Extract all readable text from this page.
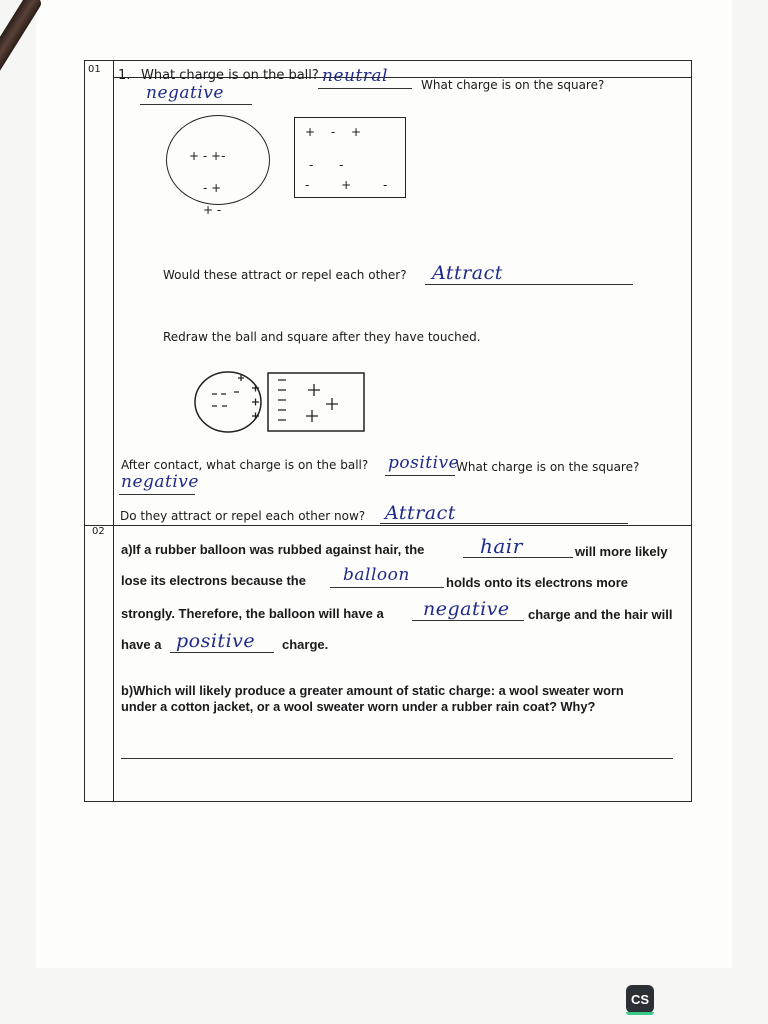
01 1. What charge is on the ball? neutral	What charge is on the square?
negative
+ - +-
- +
+ -
+ - +
- -
- + -
Would these attract or repel each other? Attract
Redraw the ball and square after they have touched.
After contact, what charge is on the ball? positive
What charge is on the square?
negative
Do they attract or repel each other now? Attract
02
a)If a rubber balloon was rubbed against hair, the	hair	will more likely
lose its electrons because the balloon	holds onto its electrons more
strongly. Therefore, the balloon will have a negative charge and the hair will
have a positive charge.
b)Which will likely produce a greater amount of static charge: a wool sweater worn
under a cotton jacket, or a wool sweater worn under a rubber rain coat? Why?
CS
